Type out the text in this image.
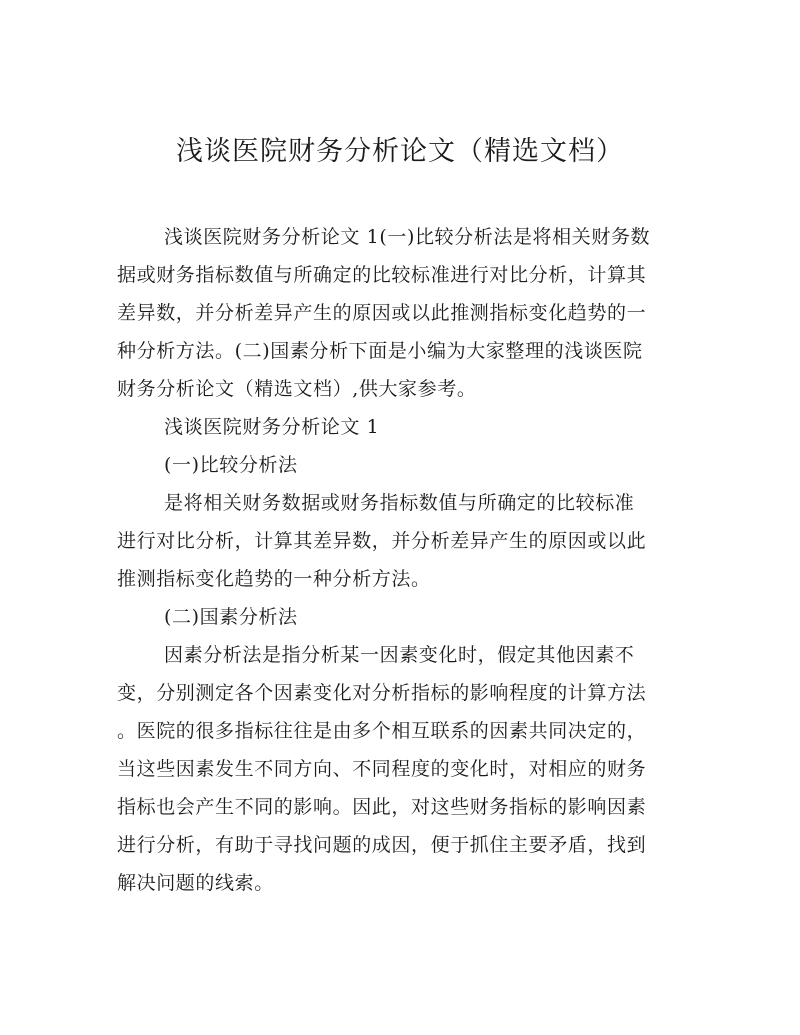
浅谈医院财务分析论文（精选文档）
浅谈医院财务分析论文 1(一)比较分析法是将相关财务数
据或财务指标数值与所确定的比较标准进行对比分析，计算其
差异数，并分析差异产生的原因或以此推测指标变化趋势的一
种分析方法。(二)国素分析下面是小编为大家整理的浅谈医院
财务分析论文（精选文档）,供大家参考。
浅谈医院财务分析论文 1
(一)比较分析法
是将相关财务数据或财务指标数值与所确定的比较标准
进行对比分析，计算其差异数，并分析差异产生的原因或以此
推测指标变化趋势的一种分析方法。
(二)国素分析法
因素分析法是指分析某一因素变化时，假定其他因素不
变，分别测定各个因素变化对分析指标的影响程度的计算方法
。医院的很多指标往往是由多个相互联系的因素共同决定的，
当这些因素发生不同方向、不同程度的变化时，对相应的财务
指标也会产生不同的影响。因此，对这些财务指标的影响因素
进行分析，有助于寻找问题的成因，便于抓住主要矛盾，找到
解决问题的线索。
